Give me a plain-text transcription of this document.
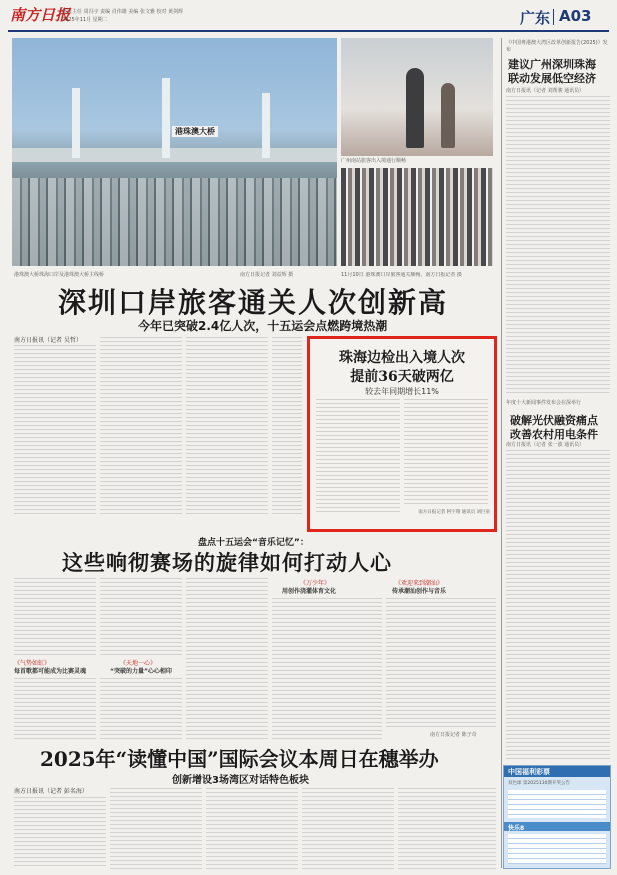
南方日报
值班主任 周冯宇 责编 肖伟雄 美编 张文雅 校对 黄剑辉
2025年11月 星期二	广东 A03
港珠澳大桥
广州南站旅客出入境通行顺畅
港珠澳大桥珠海口岸及港珠澳大桥主线桥	南方日报记者 刘益辉 摄	11月10日 港珠澳口岸旅客通关顺畅，南方日报记者 摄
深圳口岸旅客通关人次创新高
今年已突破2.4亿人次，十五运会点燃跨境热潮
南方日报讯（记者 吴哲）
珠海边检出入境人次
提前36天破两亿
较去年同期增长11%
南方日报记者 阿宇翔 通讯员 刘巨泉
盘点十五运会“音乐记忆”：
这些响彻赛场的旋律如何打动人心
《气势如虹》
每首歌都可能成为比赛灵魂
《天地一心》
“突破的力量”心心相印
《万少年》
用创作浇灌体育文化
《欢迎来到潮汕》
传承潮汕创作与音乐
南方日报记者 陈子奇
2025年“读懂中国”国际会议本周日在穗举办
创新增设3场湾区对话特色板块
南方日报讯（记者 彭名海）
《中国粤港澳大湾区改革创新报告(2025)》发布
建议广州深圳珠海
联动发展低空经济
南方日报讯（记者 刘帮骏 通讯员）
年度十大新闻事件发布会在深举行
破解光伏融资痛点
改善农村用电条件
南方日报讯（记者 张一波 通讯员）
中国福利彩票
双色球 第2025130期开奖公告
快乐8
